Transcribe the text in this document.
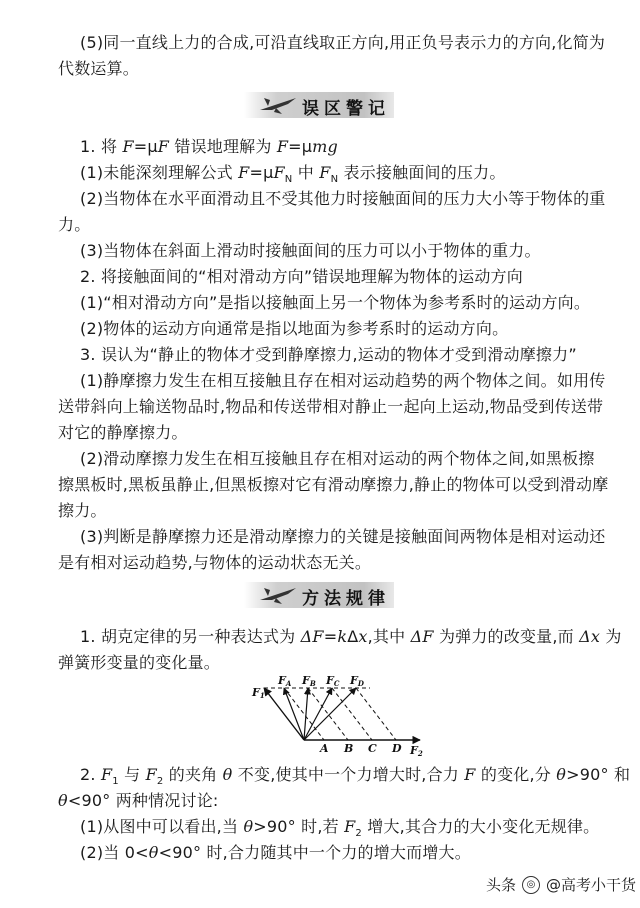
(5)同一直线上力的合成,可沿直线取正方向,用正负号表示力的方向,化简为
代数运算。
误区警记
1. 将 F=μF 错误地理解为 F=μmg
(1)未能深刻理解公式 $F=\mu F_N$ 中 $F_N$ 表示接触面间的压力。
(2)当物体在水平面滑动且不受其他力时接触面间的压力大小等于物体的重
力。
(3)当物体在斜面上滑动时接触面间的压力可以小于物体的重力。
2. 将接触面间的“相对滑动方向”错误地理解为物体的运动方向
(1)“相对滑动方向”是指以接触面上另一个物体为参考系时的运动方向。
(2)物体的运动方向通常是指以地面为参考系时的运动方向。
3. 误认为“静止的物体才受到静摩擦力,运动的物体才受到滑动摩擦力”
(1)静摩擦力发生在相互接触且存在相对运动趋势的两个物体之间。如用传
送带斜向上输送物品时,物品和传送带相对静止一起向上运动,物品受到传送带
对它的静摩擦力。
(2)滑动摩擦力发生在相互接触且存在相对运动的两个物体之间,如黑板擦
擦黑板时,黑板虽静止,但黑板擦对它有滑动摩擦力,静止的物体可以受到滑动摩
擦力。
(3)判断是静摩擦力还是滑动摩擦力的关键是接触面间两物体是相对运动还
是有相对运动趋势,与物体的运动状态无关。
方法规律
1. 胡克定律的另一种表达式为 ΔF=kΔx,其中 ΔF 为弹力的改变量,而 Δx 为
弹簧形变量的变化量。
F1
FA FB FC FD
A B C D F2
2. $F_1$ 与 $F_2$ 的夹角 θ 不变,使其中一个力增大时,合力 F 的变化,分 θ>90° 和
θ<90° 两种情况讨论:
(1)从图中可以看出,当 θ>90° 时,若 $F_2$ 增大,其合力的大小变化无规律。
(2)当 0<θ<90° 时,合力随其中一个力的增大而增大。
头条	◎ @高考小干货
